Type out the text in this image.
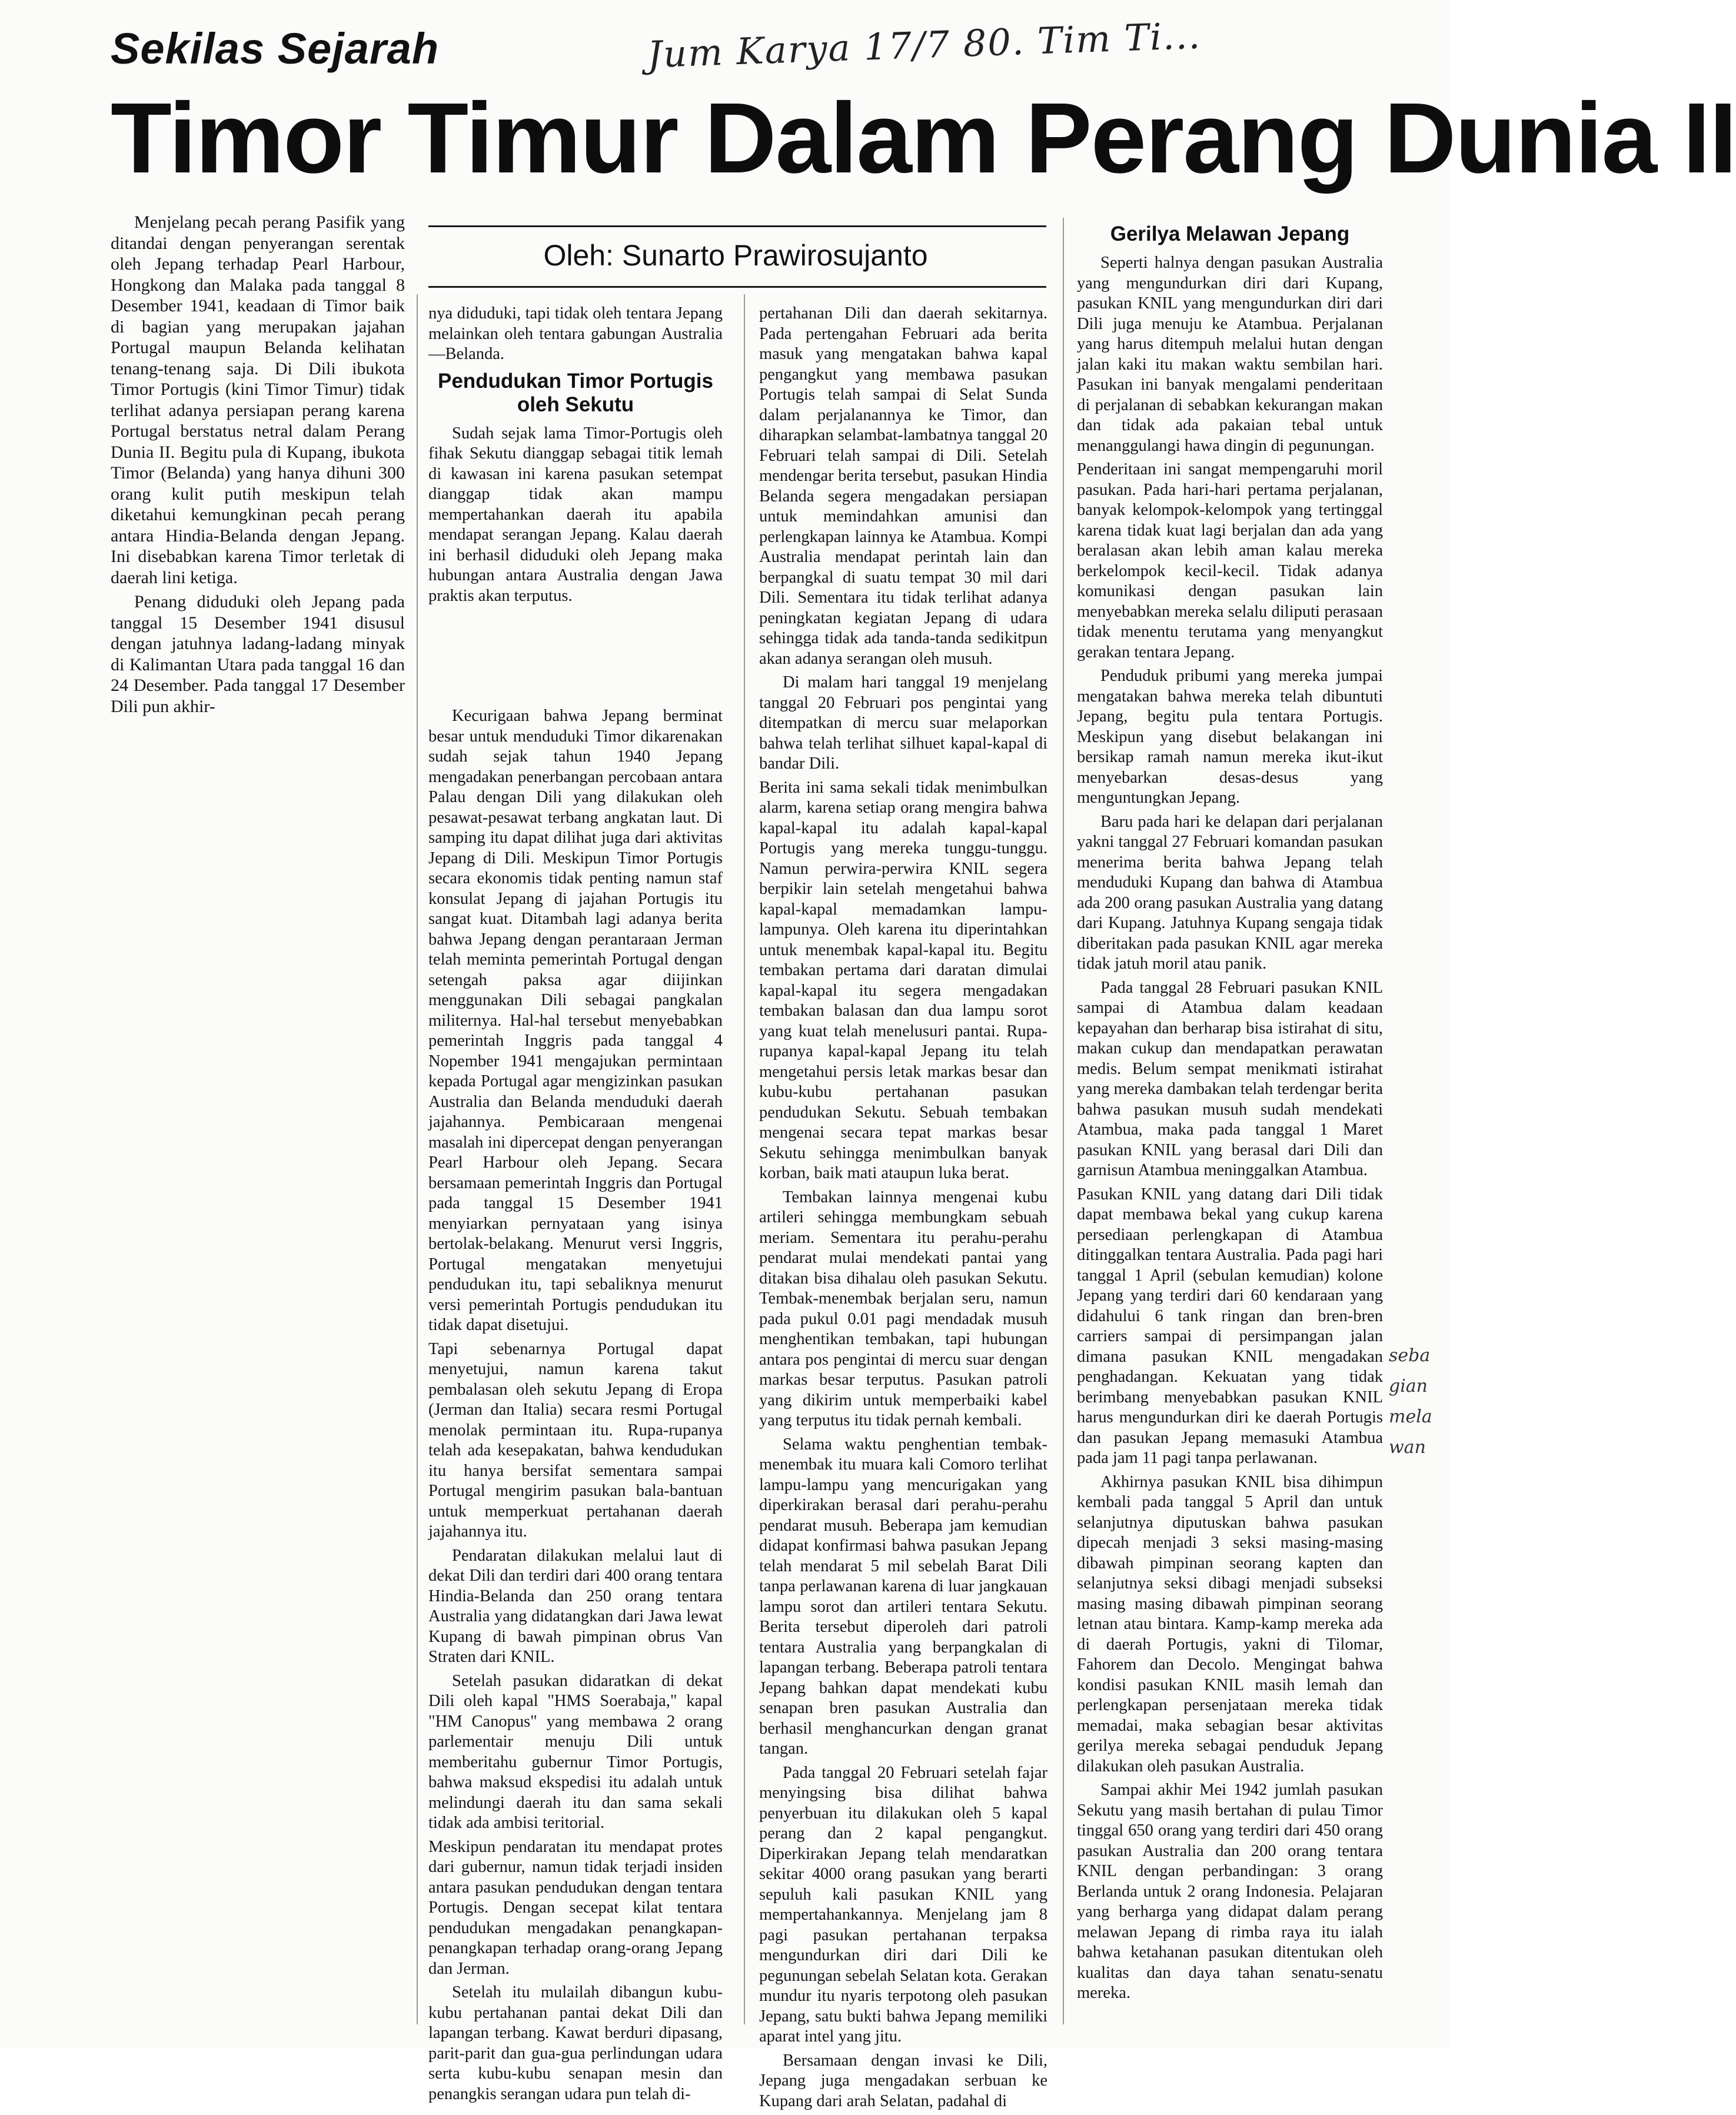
Sekilas Sejarah	Jum Karya 17/7 80. Tim Ti...
Timor Timur Dalam Perang Dunia II
Oleh: Sunarto Prawirosujanto

Menjelang pecah perang Pasifik yang ditandai dengan penyerangan serentak oleh Jepang terhadap Pearl Harbour, Hongkong dan Malaka pada tanggal 8 Desember 1941, keadaan di Timor baik di bagian yang merupakan jajahan Portugal maupun Belanda kelihatan tenang-tenang saja. Di Dili ibukota Timor Portugis (kini Timor Timur) tidak terlihat adanya persiapan perang karena Portugal berstatus netral dalam Perang Dunia II. Begitu pula di Kupang, ibukota Timor (Belanda) yang hanya dihuni 300 orang kulit putih meskipun telah diketahui kemungkinan pecah perang antara Hindia-Belanda dengan Jepang. Ini disebabkan karena Timor terletak di daerah lini ketiga.

Penang diduduki oleh Jepang pada tanggal 15 Desember 1941 disusul dengan jatuhnya ladang-ladang minyak di Kalimantan Utara pada tanggal 16 dan 24 Desember. Pada tanggal 17 Desember Dili pun akhir-

nya diduduki, tapi tidak oleh tentara Jepang melainkan oleh tentara gabungan Australia—Belanda.

Pendudukan Timor Portugis oleh Sekutu

Sudah sejak lama Timor-Portugis oleh fihak Sekutu dianggap sebagai titik lemah di kawasan ini karena pasukan setempat dianggap tidak akan mampu mempertahankan daerah itu apabila mendapat serangan Jepang. Kalau daerah ini berhasil diduduki oleh Jepang maka hubungan antara Australia dengan Jawa praktis akan terputus.

Kecurigaan bahwa Jepang berminat besar untuk menduduki Timor dikarenakan sudah sejak tahun 1940 Jepang mengadakan penerbangan percobaan antara Palau dengan Dili yang dilakukan oleh pesawat-pesawat terbang angkatan laut. Di samping itu dapat dilihat juga dari aktivitas Jepang di Dili. Meskipun Timor Portugis secara ekonomis tidak penting namun staf konsulat Jepang di jajahan Portugis itu sangat kuat. Ditambah lagi adanya berita bahwa Jepang dengan perantaraan Jerman telah meminta pemerintah Portugal dengan setengah paksa agar diijinkan menggunakan Dili sebagai pangkalan militernya. Hal-hal tersebut menyebabkan pemerintah Inggris pada tanggal 4 Nopember 1941 mengajukan permintaan kepada Portugal agar mengizinkan pasukan Australia dan Belanda menduduki daerah jajahannya. Pembicaraan mengenai masalah ini dipercepat dengan penyerangan Pearl Harbour oleh Jepang. Secara bersamaan pemerintah Inggris dan Portugal pada tanggal 15 Desember 1941 menyiarkan pernyataan yang isinya bertolak-belakang. Menurut versi Inggris, Portugal mengatakan menyetujui pendudukan itu, tapi sebaliknya menurut versi pemerintah Portugis pendudukan itu tidak dapat disetujui.

Tapi sebenarnya Portugal dapat menyetujui, namun karena takut pembalasan oleh sekutu Jepang di Eropa (Jerman dan Italia) secara resmi Portugal menolak permintaan itu. Rupa-rupanya telah ada kesepakatan, bahwa kendudukan itu hanya bersifat sementara sampai Portugal mengirim pasukan bala-bantuan untuk memperkuat pertahanan daerah jajahannya itu.

Pendaratan dilakukan melalui laut di dekat Dili dan terdiri dari 400 orang tentara Hindia-Belanda dan 250 orang tentara Australia yang didatangkan dari Jawa lewat Kupang di bawah pimpinan obrus Van Straten dari KNIL.

Setelah pasukan didaratkan di dekat Dili oleh kapal "HMS Soerabaja," kapal "HM Canopus" yang membawa 2 orang parlementair menuju Dili untuk memberitahu gubernur Timor Portugis, bahwa maksud ekspedisi itu adalah untuk melindungi daerah itu dan sama sekali tidak ada ambisi teritorial.

Meskipun pendaratan itu mendapat protes dari gubernur, namun tidak terjadi insiden antara pasukan pendudukan dengan tentara Portugis. Dengan secepat kilat tentara pendudukan mengadakan penangkapan-penangkapan terhadap orang-orang Jepang dan Jerman.

Setelah itu mulailah dibangun kubu-kubu pertahanan pantai dekat Dili dan lapangan terbang. Kawat berduri dipasang, parit-parit dan gua-gua perlindungan udara serta kubu-kubu senapan mesin dan penangkis serangan udara pun telah di-

pertahanan Dili dan daerah sekitarnya. Pada pertengahan Februari ada berita masuk yang mengatakan bahwa kapal pengangkut yang membawa pasukan Portugis telah sampai di Selat Sunda dalam perjalanannya ke Timor, dan diharapkan selambat-lambatnya tanggal 20 Februari telah sampai di Dili. Setelah mendengar berita tersebut, pasukan Hindia Belanda segera mengadakan persiapan untuk memindahkan amunisi dan perlengkapan lainnya ke Atambua. Kompi Australia mendapat perintah lain dan berpangkal di suatu tempat 30 mil dari Dili. Sementara itu tidak terlihat adanya peningkatan kegiatan Jepang di udara sehingga tidak ada tanda-tanda sedikitpun akan adanya serangan oleh musuh.

Di malam hari tanggal 19 menjelang tanggal 20 Februari pos pengintai yang ditempatkan di mercu suar melaporkan bahwa telah terlihat silhuet kapal-kapal di bandar Dili.

Berita ini sama sekali tidak menimbulkan alarm, karena setiap orang mengira bahwa kapal-kapal itu adalah kapal-kapal Portugis yang mereka tunggu-tunggu. Namun perwira-perwira KNIL segera berpikir lain setelah mengetahui bahwa kapal-kapal memadamkan lampu-lampunya. Oleh karena itu diperintahkan untuk menembak kapal-kapal itu. Begitu tembakan pertama dari daratan dimulai kapal-kapal itu segera mengadakan tembakan balasan dan dua lampu sorot yang kuat telah menelusuri pantai. Rupa-rupanya kapal-kapal Jepang itu telah mengetahui persis letak markas besar dan kubu-kubu pertahanan pasukan pendudukan Sekutu. Sebuah tembakan mengenai secara tepat markas besar Sekutu sehingga menimbulkan banyak korban, baik mati ataupun luka berat.

Tembakan lainnya mengenai kubu artileri sehingga membungkam sebuah meriam. Sementara itu perahu-perahu pendarat mulai mendekati pantai yang ditakan bisa dihalau oleh pasukan Sekutu. Tembak-menembak berjalan seru, namun pada pukul 0.01 pagi mendadak musuh menghentikan tembakan, tapi hubungan antara pos pengintai di mercu suar dengan markas besar terputus. Pasukan patroli yang dikirim untuk memperbaiki kabel yang terputus itu tidak pernah kembali.

Selama waktu penghentian tembak-menembak itu muara kali Comoro terlihat lampu-lampu yang mencurigakan yang diperkirakan berasal dari perahu-perahu pendarat musuh. Beberapa jam kemudian didapat konfirmasi bahwa pasukan Jepang telah mendarat 5 mil sebelah Barat Dili tanpa perlawanan karena di luar jangkauan lampu sorot dan artileri tentara Sekutu. Berita tersebut diperoleh dari patroli tentara Australia yang berpangkalan di lapangan terbang. Beberapa patroli tentara Jepang bahkan dapat mendekati kubu senapan bren pasukan Australia dan berhasil menghancurkan dengan granat tangan.

Pada tanggal 20 Februari setelah fajar menyingsing bisa dilihat bahwa penyerbuan itu dilakukan oleh 5 kapal perang dan 2 kapal pengangkut. Diperkirakan Jepang telah mendaratkan sekitar 4000 orang pasukan yang berarti sepuluh kali pasukan KNIL yang mempertahankannya. Menjelang jam 8 pagi pasukan pertahanan terpaksa mengundurkan diri dari Dili ke pegunungan sebelah Selatan kota. Gerakan mundur itu nyaris terpotong oleh pasukan Jepang, satu bukti bahwa Jepang memiliki aparat intel yang jitu.

Bersamaan dengan invasi ke Dili, Jepang juga mengadakan serbuan ke Kupang dari arah Selatan, padahal di

Gerilya Melawan Jepang

Seperti halnya dengan pasukan Australia yang mengundurkan diri dari Kupang, pasukan KNIL yang mengundurkan diri dari Dili juga menuju ke Atambua. Perjalanan yang harus ditempuh melalui hutan dengan jalan kaki itu makan waktu sembilan hari. Pasukan ini banyak mengalami penderitaan di perjalanan di sebabkan kekurangan makan dan tidak ada pakaian tebal untuk menanggulangi hawa dingin di pegunungan.

Penderitaan ini sangat mempengaruhi moril pasukan. Pada hari-hari pertama perjalanan, banyak kelompok-kelompok yang tertinggal karena tidak kuat lagi berjalan dan ada yang beralasan akan lebih aman kalau mereka berkelompok kecil-kecil. Tidak adanya komunikasi dengan pasukan lain menyebabkan mereka selalu diliputi perasaan tidak menentu terutama yang menyangkut gerakan tentara Jepang.

Penduduk pribumi yang mereka jumpai mengatakan bahwa mereka telah dibuntuti Jepang, begitu pula tentara Portugis. Meskipun yang disebut belakangan ini bersikap ramah namun mereka ikut-ikut menyebarkan desas-desus yang menguntungkan Jepang.

Baru pada hari ke delapan dari perjalanan yakni tanggal 27 Februari komandan pasukan menerima berita bahwa Jepang telah menduduki Kupang dan bahwa di Atambua ada 200 orang pasukan Australia yang datang dari Kupang. Jatuhnya Kupang sengaja tidak diberitakan pada pasukan KNIL agar mereka tidak jatuh moril atau panik.

Pada tanggal 28 Februari pasukan KNIL sampai di Atambua dalam keadaan kepayahan dan berharap bisa istirahat di situ, makan cukup dan mendapatkan perawatan medis. Belum sempat menikmati istirahat yang mereka dambakan telah terdengar berita bahwa pasukan musuh sudah mendekati Atambua, maka pada tanggal 1 Maret pasukan KNIL yang berasal dari Dili dan garnisun Atambua meninggalkan Atambua.

Pasukan KNIL yang datang dari Dili tidak dapat membawa bekal yang cukup karena persediaan perlengkapan di Atambua ditinggalkan tentara Australia. Pada pagi hari tanggal 1 April (sebulan kemudian) kolone Jepang yang terdiri dari 60 kendaraan yang didahului 6 tank ringan dan bren-bren carriers sampai di persimpangan jalan dimana pasukan KNIL mengadakan penghadangan. Kekuatan yang tidak berimbang menyebabkan pasukan KNIL harus mengundurkan diri ke daerah Portugis dan pasukan Jepang memasuki Atambua pada jam 11 pagi tanpa perlawanan.

Akhirnya pasukan KNIL bisa dihimpun kembali pada tanggal 5 April dan untuk selanjutnya diputuskan bahwa pasukan dipecah menjadi 3 seksi masing-masing dibawah pimpinan seorang kapten dan selanjutnya seksi dibagi menjadi subseksi masing masing dibawah pimpinan seorang letnan atau bintara. Kamp-kamp mereka ada di daerah Portugis, yakni di Tilomar, Fahorem dan Decolo. Mengingat bahwa kondisi pasukan KNIL masih lemah dan perlengkapan persenjataan mereka tidak memadai, maka sebagian besar aktivitas gerilya mereka sebagai penduduk Jepang dilakukan oleh pasukan Australia.

Sampai akhir Mei 1942 jumlah pasukan Sekutu yang masih bertahan di pulau Timor tinggal 650 orang yang terdiri dari 450 orang pasukan Australia dan 200 orang tentara KNIL dengan perbandingan: 3 orang Berlanda untuk 2 orang Indonesia. Pelajaran yang berharga yang didapat dalam perang melawan Jepang di rimba raya itu ialah bahwa ketahanan pasukan ditentukan oleh kualitas dan daya tahan senatu-senatu mereka.

seba gian mela wan
